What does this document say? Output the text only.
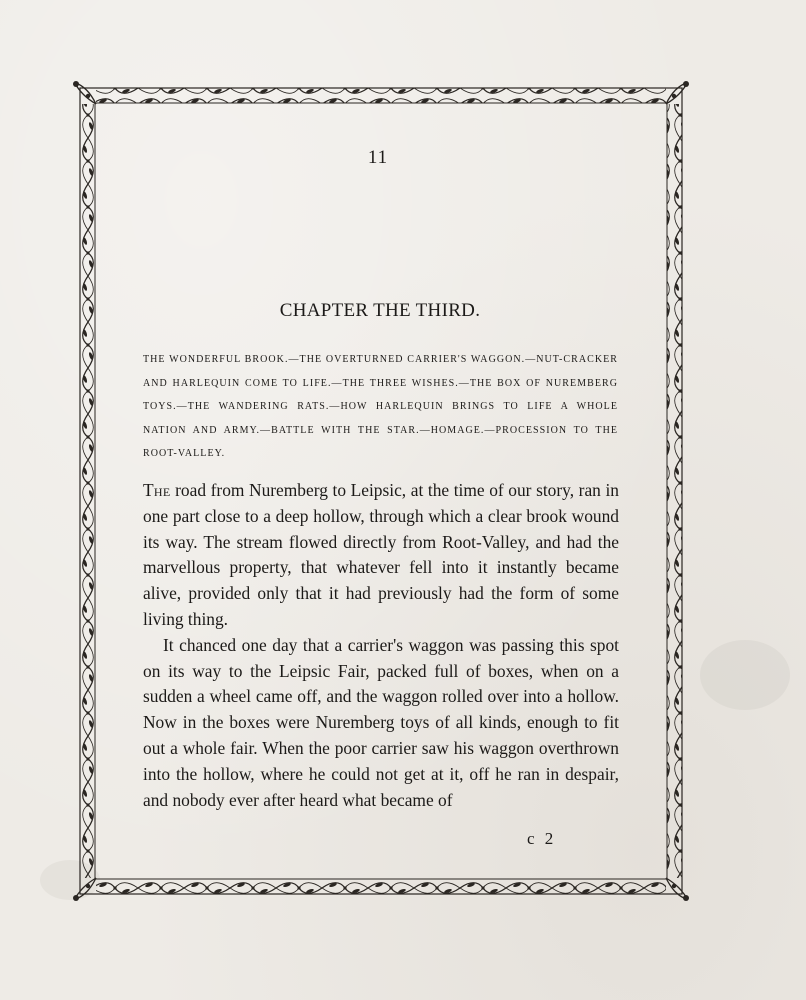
11
CHAPTER THE THIRD.
THE WONDERFUL BROOK.—THE OVERTURNED CARRIER'S WAGGON.—NUT-CRACKER AND HARLEQUIN COME TO LIFE.—THE THREE WISHES.—THE BOX OF NUREMBERG TOYS.—THE WANDERING RATS.—HOW HARLEQUIN BRINGS TO LIFE A WHOLE NATION AND ARMY.—BATTLE WITH THE STAR.—HOMAGE.—PROCESSION TO THE ROOT-VALLEY.

The road from Nuremberg to Leipsic, at the time of our story, ran in one part close to a deep hollow, through which a clear brook wound its way. The stream flowed directly from Root-Valley, and had the marvellous property, that whatever fell into it instantly became alive, provided only that it had previously had the form of some living thing.

It chanced one day that a carrier's waggon was passing this spot on its way to the Leipsic Fair, packed full of boxes, when on a sudden a wheel came off, and the waggon rolled over into a hollow. Now in the boxes were Nuremberg toys of all kinds, enough to fit out a whole fair. When the poor carrier saw his waggon overthrown into the hollow, where he could not get at it, off he ran in despair, and nobody ever after heard what became of

c 2
